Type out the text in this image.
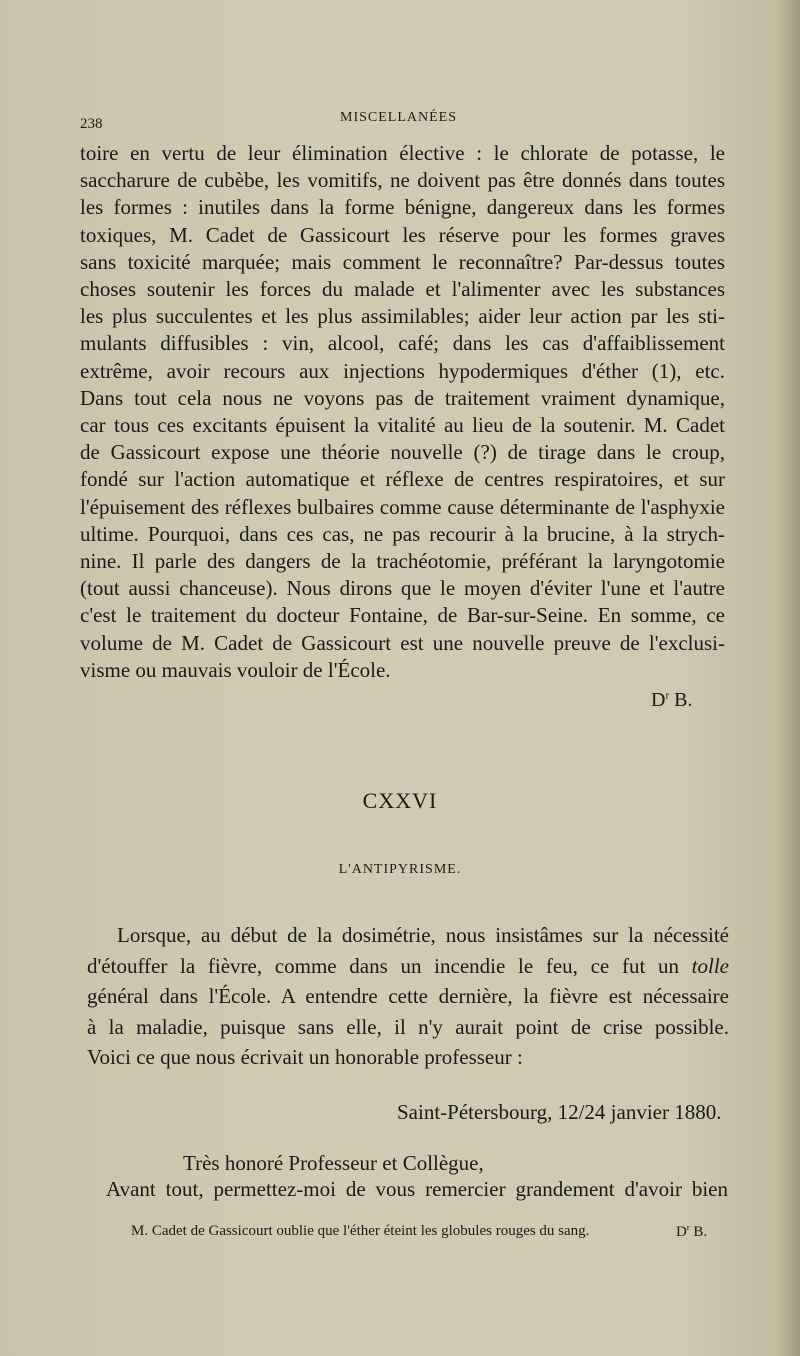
238	MISCELLANÉES
toire en vertu de leur élimination élective : le chlorate de potasse, le
saccharure de cubèbe, les vomitifs, ne doivent pas être donnés dans toutes
les formes : inutiles dans la forme bénigne, dangereux dans les formes
toxiques, M. Cadet de Gassicourt les réserve pour les formes graves
sans toxicité marquée; mais comment le reconnaître? Par-dessus toutes
choses soutenir les forces du malade et l'alimenter avec les substances
les plus succulentes et les plus assimilables; aider leur action par les sti-
mulants diffusibles : vin, alcool, café; dans les cas d'affaiblissement
extrême, avoir recours aux injections hypodermiques d'éther (1), etc.
Dans tout cela nous ne voyons pas de traitement vraiment dynamique,
car tous ces excitants épuisent la vitalité au lieu de la soutenir. M. Cadet
de Gassicourt expose une théorie nouvelle (?) de tirage dans le croup,
fondé sur l'action automatique et réflexe de centres respiratoires, et sur
l'épuisement des réflexes bulbaires comme cause déterminante de l'asphyxie
ultime. Pourquoi, dans ces cas, ne pas recourir à la brucine, à la strych-
nine. Il parle des dangers de la trachéotomie, préférant la laryngotomie
(tout aussi chanceuse). Nous dirons que le moyen d'éviter l'une et l'autre
c'est le traitement du docteur Fontaine, de Bar-sur-Seine. En somme, ce
volume de M. Cadet de Gassicourt est une nouvelle preuve de l'exclusi-
visme ou mauvais vouloir de l'École.
$D^r$ B.
CXXVI
L'ANTIPYRISME.
Lorsque, au début de la dosimétrie, nous insistâmes sur la nécessité
d'étouffer la fièvre, comme dans un incendie le feu, ce fut un tolle
général dans l'École. A entendre cette dernière, la fièvre est nécessaire
à la maladie, puisque sans elle, il n'y aurait point de crise possible.
Voici ce que nous écrivait un honorable professeur :
Saint-Pétersbourg, 12/24 janvier 1880.
Très honoré Professeur et Collègue,
Avant tout, permettez-moi de vous remercier grandement d'avoir bien
M. Cadet de Gassicourt oublie que l'éther éteint les globules rouges du sang.	$D^r$ B.
